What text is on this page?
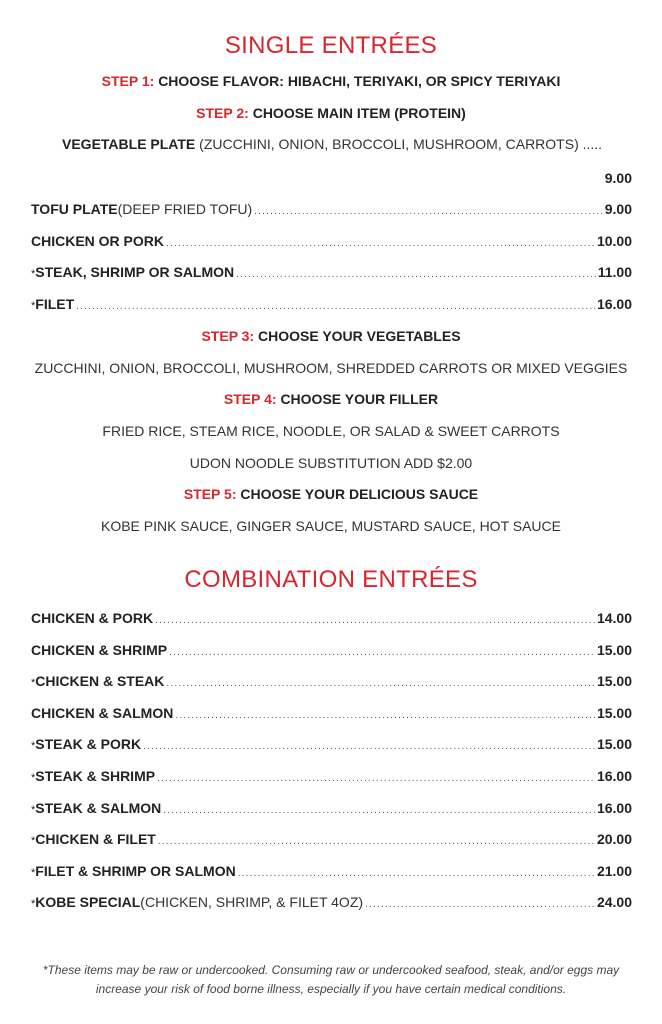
SINGLE ENTRÉES
STEP 1: CHOOSE FLAVOR: HIBACHI, TERIYAKI, OR SPICY TERIYAKI
STEP 2: CHOOSE MAIN ITEM (PROTEIN)
VEGETABLE PLATE (ZUCCHINI, ONION, BROCCOLI, MUSHROOM, CARROTS) .....
9.00
TOFU PLATE (DEEP FRIED TOFU) .....	9.00
CHICKEN OR PORK .....	10.00
*STEAK, SHRIMP OR SALMON .....	11.00
*FILET .....	16.00
STEP 3: CHOOSE YOUR VEGETABLES
ZUCCHINI, ONION, BROCCOLI, MUSHROOM, SHREDDED CARROTS OR MIXED VEGGIES
STEP 4: CHOOSE YOUR FILLER
FRIED RICE, STEAM RICE, NOODLE, OR SALAD & SWEET CARROTS
UDON NOODLE SUBSTITUTION ADD $2.00
STEP 5: CHOOSE YOUR DELICIOUS SAUCE
KOBE PINK SAUCE, GINGER SAUCE, MUSTARD SAUCE, HOT SAUCE
COMBINATION ENTRÉES
CHICKEN & PORK .....	14.00
CHICKEN & SHRIMP .....	15.00
*CHICKEN & STEAK .....	15.00
CHICKEN & SALMON .....	15.00
*STEAK & PORK .....	15.00
*STEAK & SHRIMP .....	16.00
*STEAK & SALMON .....	16.00
*CHICKEN & FILET .....	20.00
*FILET & SHRIMP OR SALMON .....	21.00
*KOBE SPECIAL (CHICKEN, SHRIMP, & FILET 4OZ) .....	24.00
*These items may be raw or undercooked. Consuming raw or undercooked seafood, steak, and/or eggs may increase your risk of food borne illness, especially if you have certain medical conditions.
